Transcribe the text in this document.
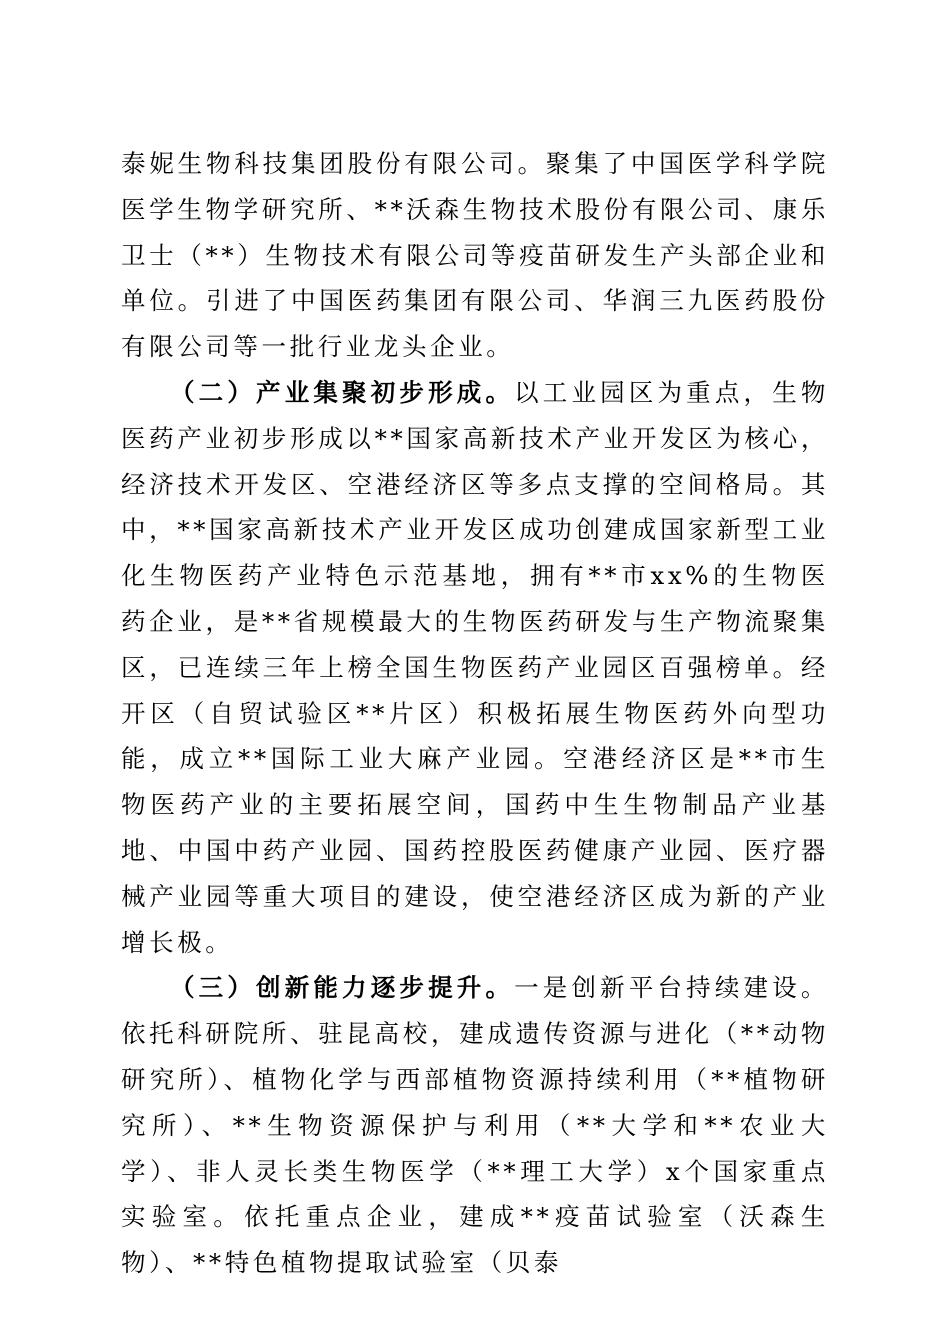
泰妮生物科技集团股份有限公司。聚集了中国医学科学院医学生物学研究所、**沃森生物技术股份有限公司、康乐卫士（**）生物技术有限公司等疫苗研发生产头部企业和单位。引进了中国医药集团有限公司、华润三九医药股份有限公司等一批行业龙头企业。

（二）产业集聚初步形成。以工业园区为重点，生物医药产业初步形成以**国家高新技术产业开发区为核心，经济技术开发区、空港经济区等多点支撑的空间格局。其中，**国家高新技术产业开发区成功创建成国家新型工业化生物医药产业特色示范基地，拥有**市xx%的生物医药企业，是**省规模最大的生物医药研发与生产物流聚集区，已连续三年上榜全国生物医药产业园区百强榜单。经开区（自贸试验区**片区）积极拓展生物医药外向型功能，成立**国际工业大麻产业园。空港经济区是**市生物医药产业的主要拓展空间，国药中生生物制品产业基地、中国中药产业园、国药控股医药健康产业园、医疗器械产业园等重大项目的建设，使空港经济区成为新的产业增长极。

（三）创新能力逐步提升。一是创新平台持续建设。依托科研院所、驻昆高校，建成遗传资源与进化（**动物研究所）、植物化学与西部植物资源持续利用（**植物研究所）、**生物资源保护与利用（**大学和**农业大学）、非人灵长类生物医学（**理工大学）x个国家重点实验室。依托重点企业，建成**疫苗试验室（沃森生物）、**特色植物提取试验室（贝泰
